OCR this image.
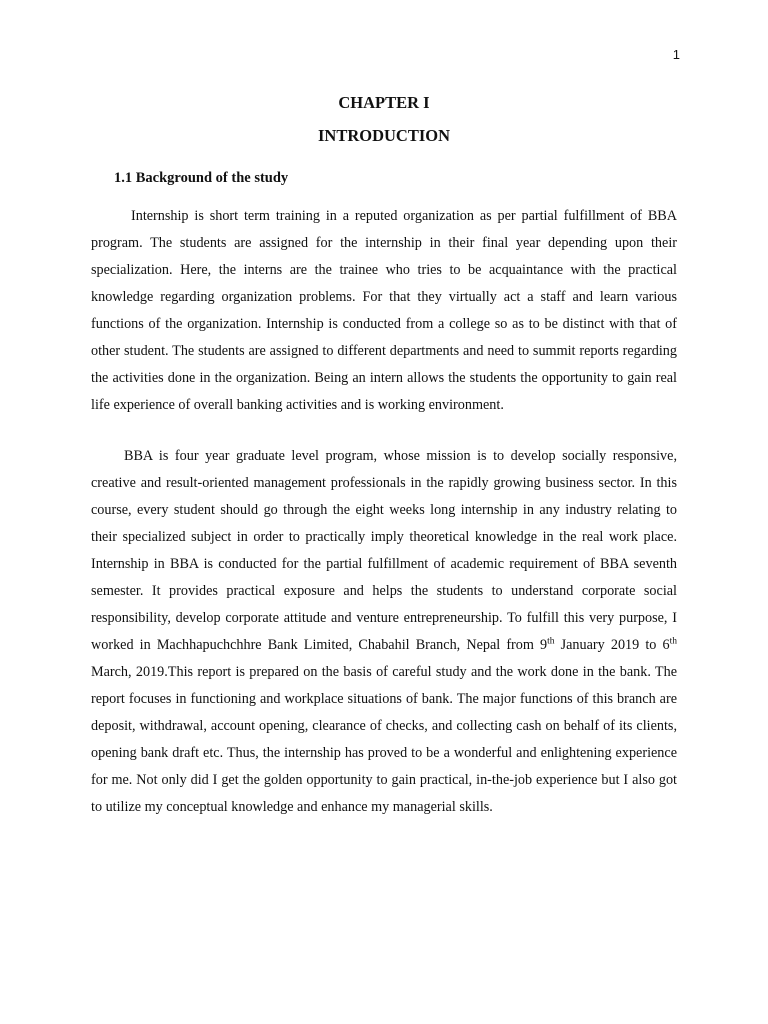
1
CHAPTER I
INTRODUCTION
1.1 Background of the study

Internship is short term training in a reputed organization as per partial fulfillment of BBA program. The students are assigned for the internship in their final year depending upon their specialization. Here, the interns are the trainee who tries to be acquaintance with the practical knowledge regarding organization problems. For that they virtually act a staff and learn various functions of the organization. Internship is conducted from a college so as to be distinct with that of other student. The students are assigned to different departments and need to summit reports regarding the activities done in the organization. Being an intern allows the students the opportunity to gain real life experience of overall banking activities and is working environment.

BBA is four year graduate level program, whose mission is to develop socially responsive, creative and result-oriented management professionals in the rapidly growing business sector. In this course, every student should go through the eight weeks long internship in any industry relating to their specialized subject in order to practically imply theoretical knowledge in the real work place. Internship in BBA is conducted for the partial fulfillment of academic requirement of BBA seventh semester. It provides practical exposure and helps the students to understand corporate social responsibility, develop corporate attitude and venture entrepreneurship. To fulfill this very purpose, I worked in Machhapuchchhre Bank Limited, Chabahil Branch, Nepal from 9th January 2019 to 6th March, 2019.This report is prepared on the basis of careful study and the work done in the bank. The report focuses in functioning and workplace situations of bank. The major functions of this branch are deposit, withdrawal, account opening, clearance of checks, and collecting cash on behalf of its clients, opening bank draft etc. Thus, the internship has proved to be a wonderful and enlightening experience for me. Not only did I get the golden opportunity to gain practical, in-the-job experience but I also got to utilize my conceptual knowledge and enhance my managerial skills.
